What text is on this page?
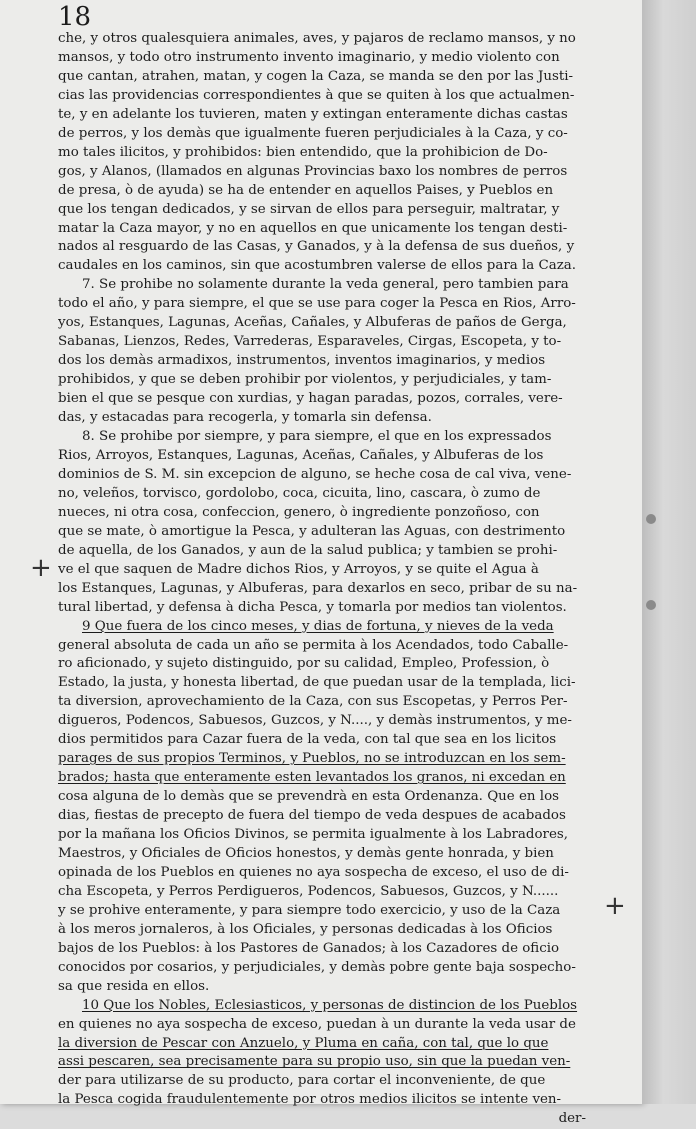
18
che, y otros qualesquiera animales, aves, y pajaros de reclamo mansos, y no
mansos, y todo otro instrumento invento imaginario, y medio violento con
que cantan, atrahen, matan, y cogen la Caza, se manda se den por las Justi-
cias las providencias correspondientes à que se quiten à los que actualmen-
te, y en adelante los tuvieren, maten y extingan enteramente dichas castas
de perros, y los demàs que igualmente fueren perjudiciales à la Caza, y co-
mo tales ilicitos, y prohibidos: bien entendido, que la prohibicion de Do-
gos, y Alanos, (llamados en algunas Provincias baxo los nombres de perros
de presa, ò de ayuda) se ha de entender en aquellos Paises, y Pueblos en
que los tengan dedicados, y se sirvan de ellos para perseguir, maltratar, y
matar la Caza mayor, y no en aquellos en que unicamente los tengan desti-
nados al resguardo de las Casas, y Ganados, y à la defensa de sus dueños, y
caudales en los caminos, sin que acostumbren valerse de ellos para la Caza.
7. Se prohibe no solamente durante la veda general, pero tambien para
todo el año, y para siempre, el que se use para coger la Pesca en Rios, Arro-
yos, Estanques, Lagunas, Aceñas, Cañales, y Albuferas de paños de Gerga,
Sabanas, Lienzos, Redes, Varrederas, Esparaveles, Cirgas, Escopeta, y to-
dos los demàs armadixos, instrumentos, inventos imaginarios, y medios
prohibidos, y que se deben prohibir por violentos, y perjudiciales, y tam-
bien el que se pesque con xurdias, y hagan paradas, pozos, corrales, vere-
das, y estacadas para recogerla, y tomarla sin defensa.
8. Se prohibe por siempre, y para siempre, el que en los expressados
Rios, Arroyos, Estanques, Lagunas, Aceñas, Cañales, y Albuferas de los
dominios de S. M. sin excepcion de alguno, se heche cosa de cal viva, vene-
no, veleños, torvisco, gordolobo, coca, cicuita, lino, cascara, ò zumo de
nueces, ni otra cosa, confeccion, genero, ò ingrediente ponzoñoso, con
que se mate, ò amortigue la Pesca, y adulteran las Aguas, con destrimento
de aquella, de los Ganados, y aun de la salud publica; y tambien se prohi-
ve el que saquen de Madre dichos Rios, y Arroyos, y se quite el Agua à
los Estanques, Lagunas, y Albuferas, para dexarlos en seco, pribar de su na-
tural libertad, y defensa à dicha Pesca, y tomarla por medios tan violentos.
9 Que fuera de los cinco meses, y dias de fortuna, y nieves de la veda
general absoluta de cada un año se permita à los Acendados, todo Caballe-
ro aficionado, y sujeto distinguido, por su calidad, Empleo, Profession, ò
Estado, la justa, y honesta libertad, de que puedan usar de la templada, lici-
ta diversion, aprovechamiento de la Caza, con sus Escopetas, y Perros Per-
digueros, Podencos, Sabuesos, Guzcos, y N...., y demàs instrumentos, y me-
dios permitidos para Cazar fuera de la veda, con tal que sea en los licitos
parages de sus propios Terminos, y Pueblos, no se introduzcan en los sem-
brados; hasta que enteramente esten levantados los granos, ni excedan en
cosa alguna de lo demàs que se prevendrà en esta Ordenanza. Que en los
dias, fiestas de precepto de fuera del tiempo de veda despues de acabados
por la mañana los Oficios Divinos, se permita igualmente à los Labradores,
Maestros, y Oficiales de Oficios honestos, y demàs gente honrada, y bien
opinada de los Pueblos en quienes no aya sospecha de exceso, el uso de di-
cha Escopeta, y Perros Perdigueros, Podencos, Sabuesos, Guzcos, y N......
y se prohive enteramente, y para siempre todo exercicio, y uso de la Caza
à los meros jornaleros, à los Oficiales, y personas dedicadas à los Oficios
bajos de los Pueblos: à los Pastores de Ganados; à los Cazadores de oficio
conocidos por cosarios, y perjudiciales, y demàs pobre gente baja sospecho-
sa que resida en ellos.
10 Que los Nobles, Eclesiasticos, y personas de distincion de los Pueblos
en quienes no aya sospecha de exceso, puedan à un durante la veda usar de
la diversion de Pescar con Anzuelo, y Pluma en caña, con tal, que lo que
assi pescaren, sea precisamente para su propio uso, sin que la puedan ven-
der para utilizarse de su producto, para cortar el inconveniente, de que
la Pesca cogida fraudulentemente por otros medios ilicitos se intente ven-
der-
+
+
